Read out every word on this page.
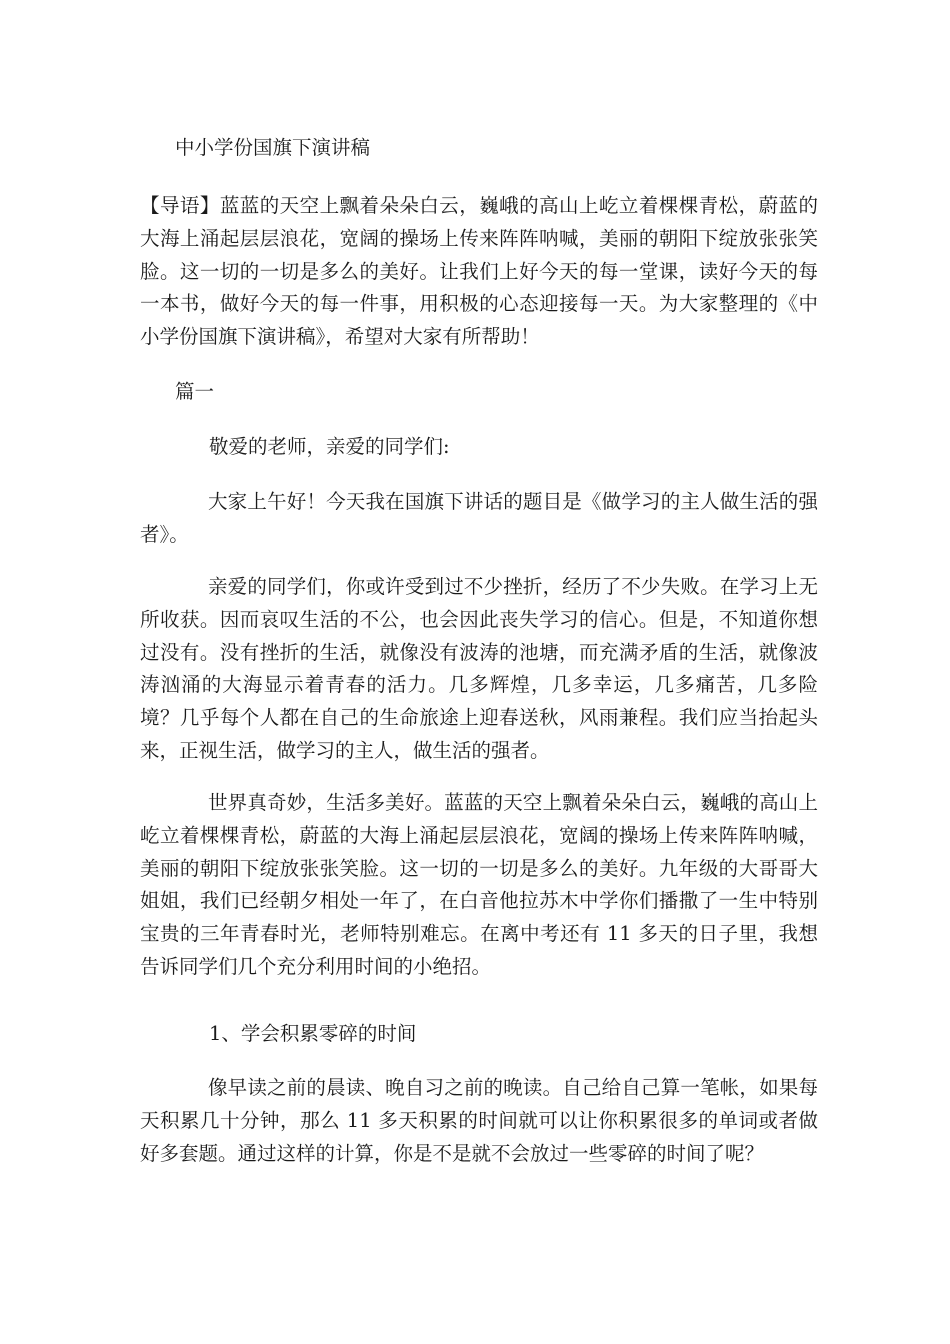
中小学份国旗下演讲稿

【导语】蓝蓝的天空上飘着朵朵白云，巍峨的高山上屹立着棵棵青松，蔚蓝的大海上涌起层层浪花，宽阔的操场上传来阵阵呐喊，美丽的朝阳下绽放张张笑脸。这一切的一切是多么的美好。让我们上好今天的每一堂课，读好今天的每一本书，做好今天的每一件事，用积极的心态迎接每一天。为大家整理的《中小学份国旗下演讲稿》，希望对大家有所帮助！

篇一

敬爱的老师，亲爱的同学们:

大家上午好！今天我在国旗下讲话的题目是《做学习的主人做生活的强者》。

亲爱的同学们，你或许受到过不少挫折，经历了不少失败。在学习上无所收获。因而哀叹生活的不公，也会因此丧失学习的信心。但是，不知道你想过没有。没有挫折的生活，就像没有波涛的池塘，而充满矛盾的生活，就像波涛汹涌的大海显示着青春的活力。几多辉煌，几多幸运，几多痛苦，几多险境？几乎每个人都在自己的生命旅途上迎春送秋，风雨兼程。我们应当抬起头来，正视生活，做学习的主人，做生活的强者。

世界真奇妙，生活多美好。蓝蓝的天空上飘着朵朵白云，巍峨的高山上屹立着棵棵青松，蔚蓝的大海上涌起层层浪花，宽阔的操场上传来阵阵呐喊，美丽的朝阳下绽放张张笑脸。这一切的一切是多么的美好。九年级的大哥哥大姐姐，我们已经朝夕相处一年了，在白音他拉苏木中学你们播撒了一生中特别宝贵的三年青春时光，老师特别难忘。在离中考还有 11 多天的日子里，我想告诉同学们几个充分利用时间的小绝招。

1、学会积累零碎的时间

像早读之前的晨读、晚自习之前的晚读。自己给自己算一笔帐，如果每天积累几十分钟，那么 11 多天积累的时间就可以让你积累很多的单词或者做好多套题。通过这样的计算，你是不是就不会放过一些零碎的时间了呢？
